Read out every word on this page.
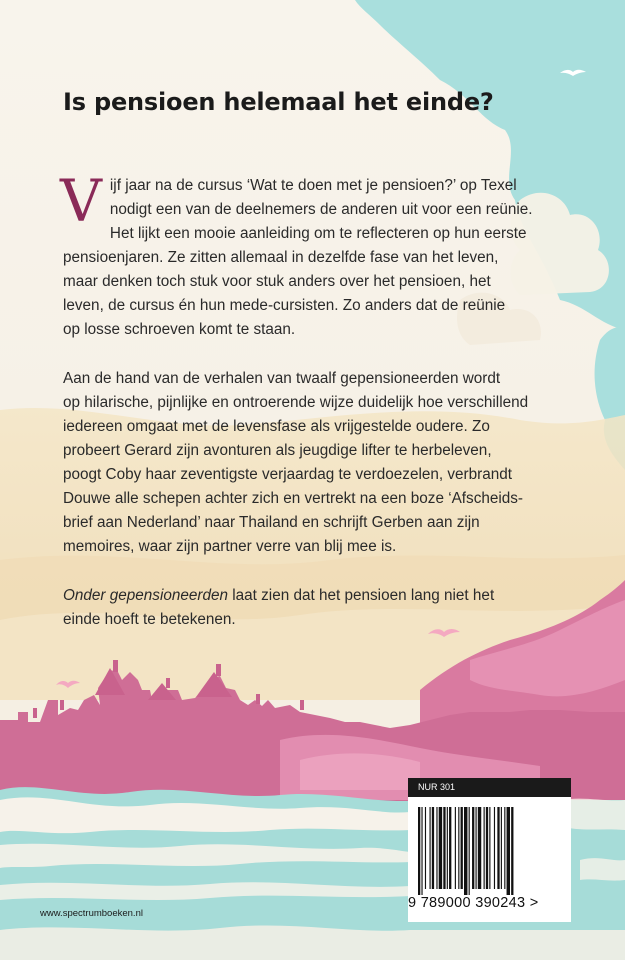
Is pensioen helemaal het einde?

V ijf jaar na de cursus ‘Wat te doen met je pensioen?’ op Texel
nodigt een van de deelnemers de anderen uit voor een reünie.
Het lijkt een mooie aanleiding om te reflecteren op hun eerste
pensioenjaren. Ze zitten allemaal in dezelfde fase van het leven,
maar denken toch stuk voor stuk anders over het pensioen, het
leven, de cursus én hun mede-cursisten. Zo anders dat de reünie
op losse schroeven komt te staan.

Aan de hand van de verhalen van twaalf gepensioneerden wordt
op hilarische, pijnlijke en ontroerende wijze duidelijk hoe verschillend
iedereen omgaat met de levensfase als vrijgestelde oudere. Zo
probeert Gerard zijn avonturen als jeugdige lifter te herbeleven,
poogt Coby haar zeventigste verjaardag te verdoezelen, verbrandt
Douwe alle schepen achter zich en vertrekt na een boze ‘Afscheids-
brief aan Nederland’ naar Thailand en schrijft Gerben aan zijn
memoires, waar zijn partner verre van blij mee is.

Onder gepensioneerden laat zien dat het pensioen lang niet het
einde hoeft te betekenen.

NUR 301
9 789000 390243 >
www.spectrumboeken.nl
